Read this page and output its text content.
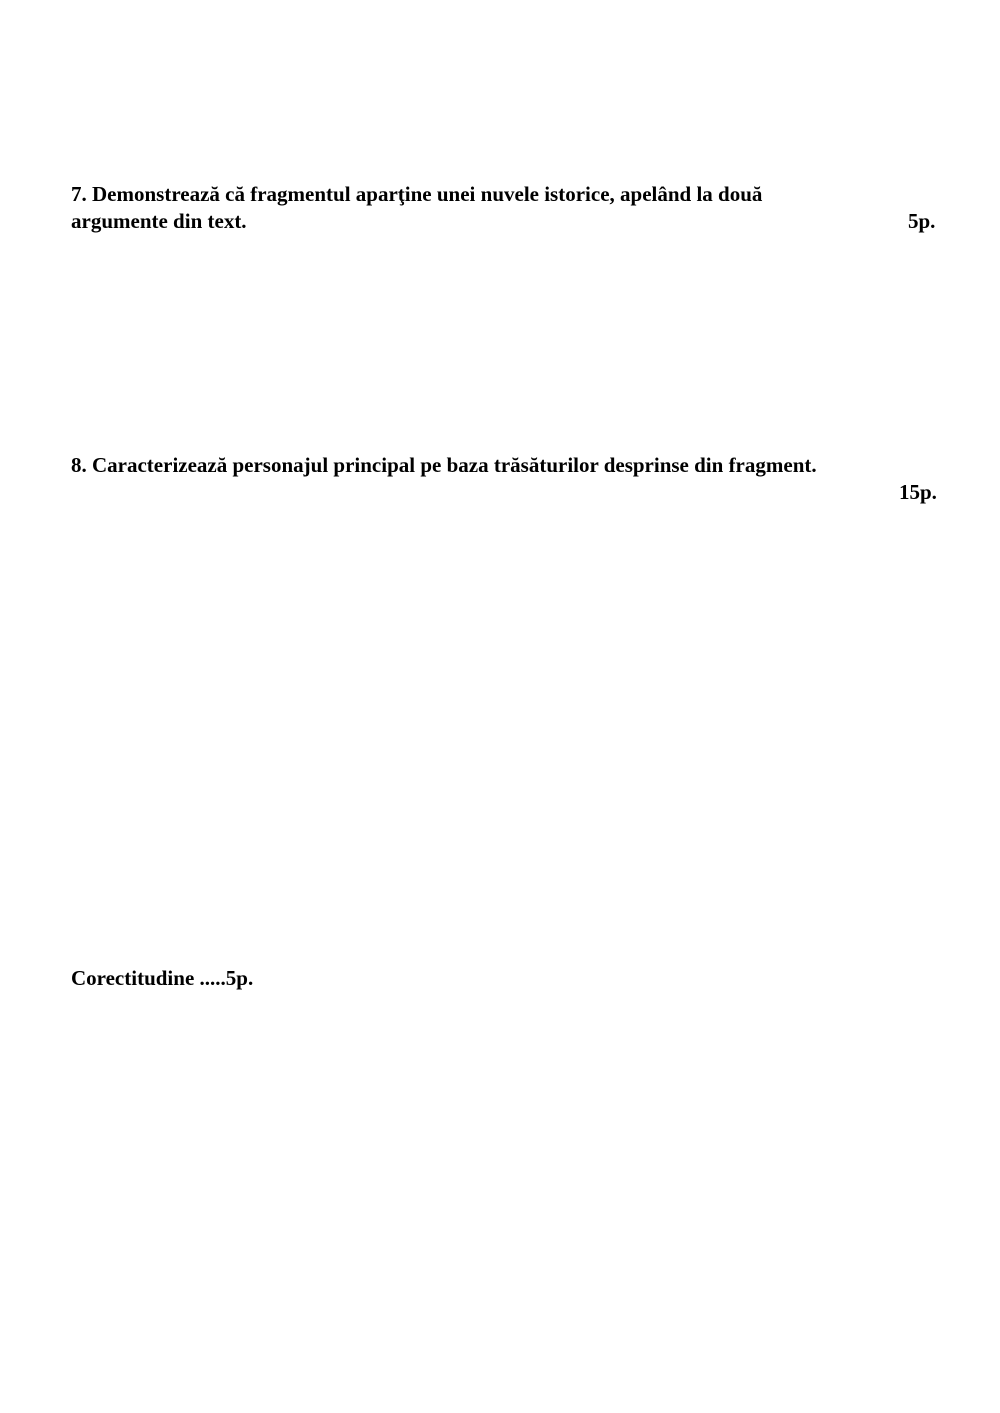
7. Demonstrează că fragmentul aparţine unei nuvele istorice, apelând la două
argumente din text.	5p.
8. Caracterizează personajul principal pe baza trăsăturilor desprinse din fragment.
15p.
Corectitudine .....5p.
